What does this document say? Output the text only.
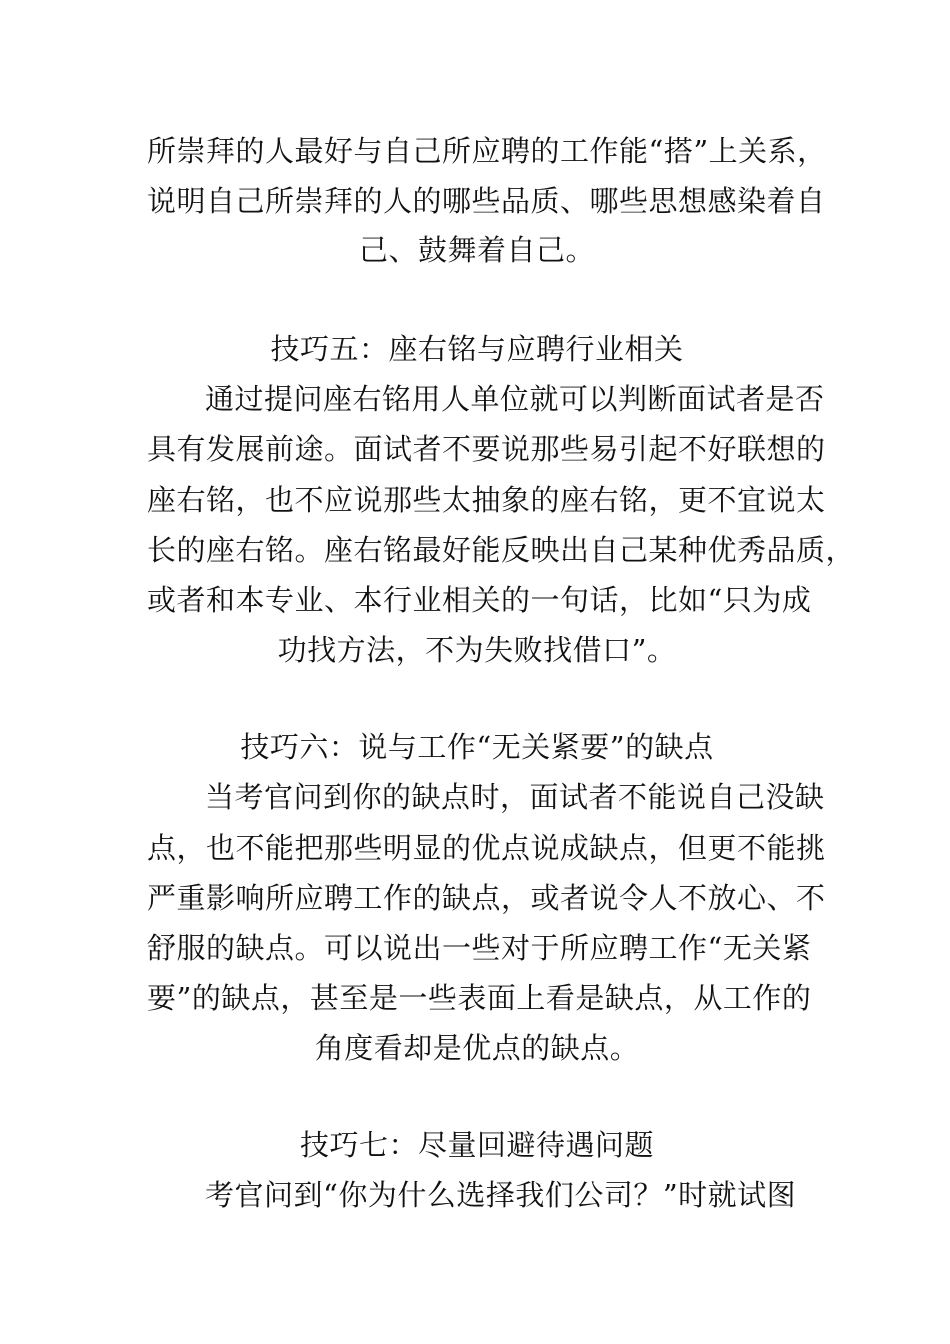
所崇拜的人最好与自己所应聘的工作能“搭”上关系，
说明自己所崇拜的人的哪些品质、哪些思想感染着自
己、鼓舞着自己。
技巧五：座右铭与应聘行业相关
通过提问座右铭用人单位就可以判断面试者是否
具有发展前途。面试者不要说那些易引起不好联想的
座右铭，也不应说那些太抽象的座右铭，更不宜说太
长的座右铭。座右铭最好能反映出自己某种优秀品质，
或者和本专业、本行业相关的一句话，比如“只为成
功找方法，不为失败找借口”。
技巧六：说与工作“无关紧要”的缺点
当考官问到你的缺点时，面试者不能说自己没缺
点，也不能把那些明显的优点说成缺点，但更不能挑
严重影响所应聘工作的缺点，或者说令人不放心、不
舒服的缺点。可以说出一些对于所应聘工作“无关紧
要”的缺点，甚至是一些表面上看是缺点，从工作的
角度看却是优点的缺点。
技巧七：尽量回避待遇问题
考官问到“你为什么选择我们公司？”时就试图
